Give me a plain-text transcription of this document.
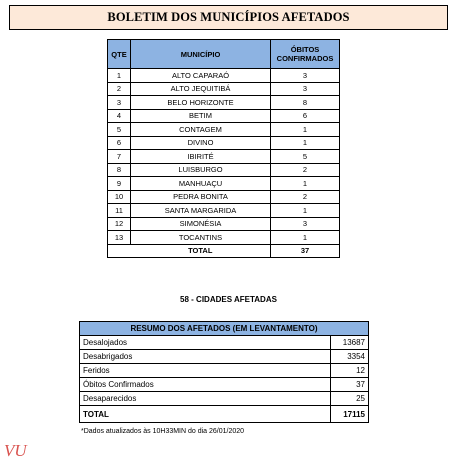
BOLETIM DOS MUNICÍPIOS AFETADOS
QTE	MUNICÍPIO	ÓBITOS
CONFIRMADOS
1	ALTO CAPARAÓ	3
2	ALTO JEQUITIBÁ	3
3	BELO HORIZONTE	8
4	BETIM	6
5	CONTAGEM	1
6	DIVINO	1
7	IBIRITÉ	5
8	LUISBURGO	2
9	MANHUAÇU	1
10	PEDRA BONITA	2
11	SANTA MARGARIDA	1
12	SIMONÉSIA	3
13	TOCANTINS	1
	TOTAL	37
58 - CIDADES AFETADAS
RESUMO DOS AFETADOS (EM LEVANTAMENTO)	
Desalojados	13687
Desabrigados	3354
Feridos	12
Óbitos Confirmados	37
Desaparecidos	25
TOTAL	17115
*Dados atualizados às 10H33MIN do dia 26/01/2020
VU
